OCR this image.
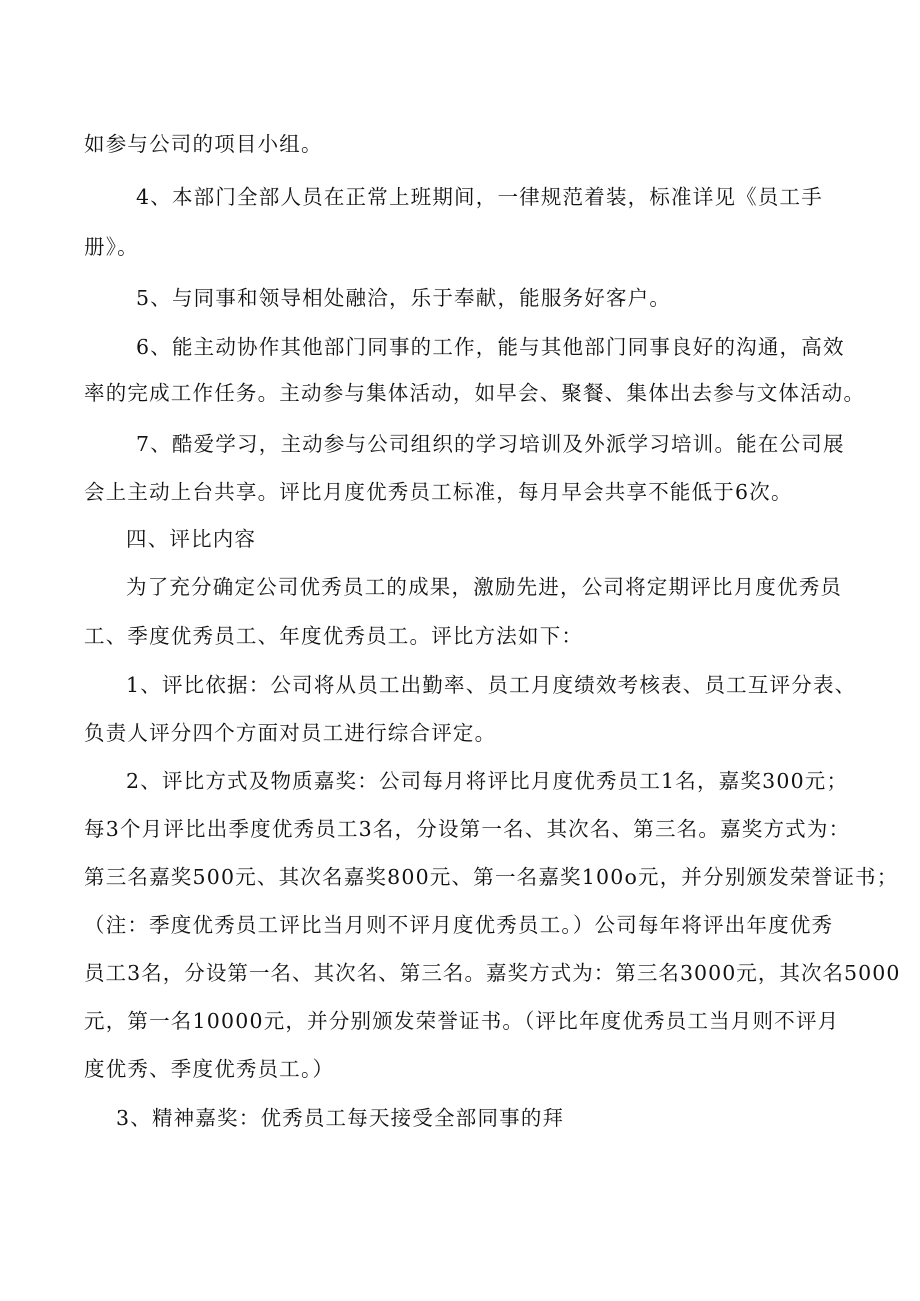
如参与公司的项目小组。
4、本部门全部人员在正常上班期间，一律规范着装，标准详见《员工手
册》。
5、与同事和领导相处融洽，乐于奉献，能服务好客户。
6、能主动协作其他部门同事的工作，能与其他部门同事良好的沟通，高效
率的完成工作任务。主动参与集体活动，如早会、聚餐、集体出去参与文体活动。
7、酷爱学习，主动参与公司组织的学习培训及外派学习培训。能在公司展
会上主动上台共享。评比月度优秀员工标准，每月早会共享不能低于6次。
四、评比内容
为了充分确定公司优秀员工的成果，激励先进，公司将定期评比月度优秀员
工、季度优秀员工、年度优秀员工。评比方法如下：
1、评比依据：公司将从员工出勤率、员工月度绩效考核表、员工互评分表、
负责人评分四个方面对员工进行综合评定。
2、评比方式及物质嘉奖：公司每月将评比月度优秀员工1名，嘉奖300元；
每3个月评比出季度优秀员工3名，分设第一名、其次名、第三名。嘉奖方式为：
第三名嘉奖500元、其次名嘉奖800元、第一名嘉奖100o元，并分别颁发荣誉证书；
（注：季度优秀员工评比当月则不评月度优秀员工。）公司每年将评出年度优秀
员工3名，分设第一名、其次名、第三名。嘉奖方式为：第三名3000元，其次名5000
元，第一名10000元，并分别颁发荣誉证书。（评比年度优秀员工当月则不评月
度优秀、季度优秀员工。）
3、精神嘉奖：优秀员工每天接受全部同事的拜
